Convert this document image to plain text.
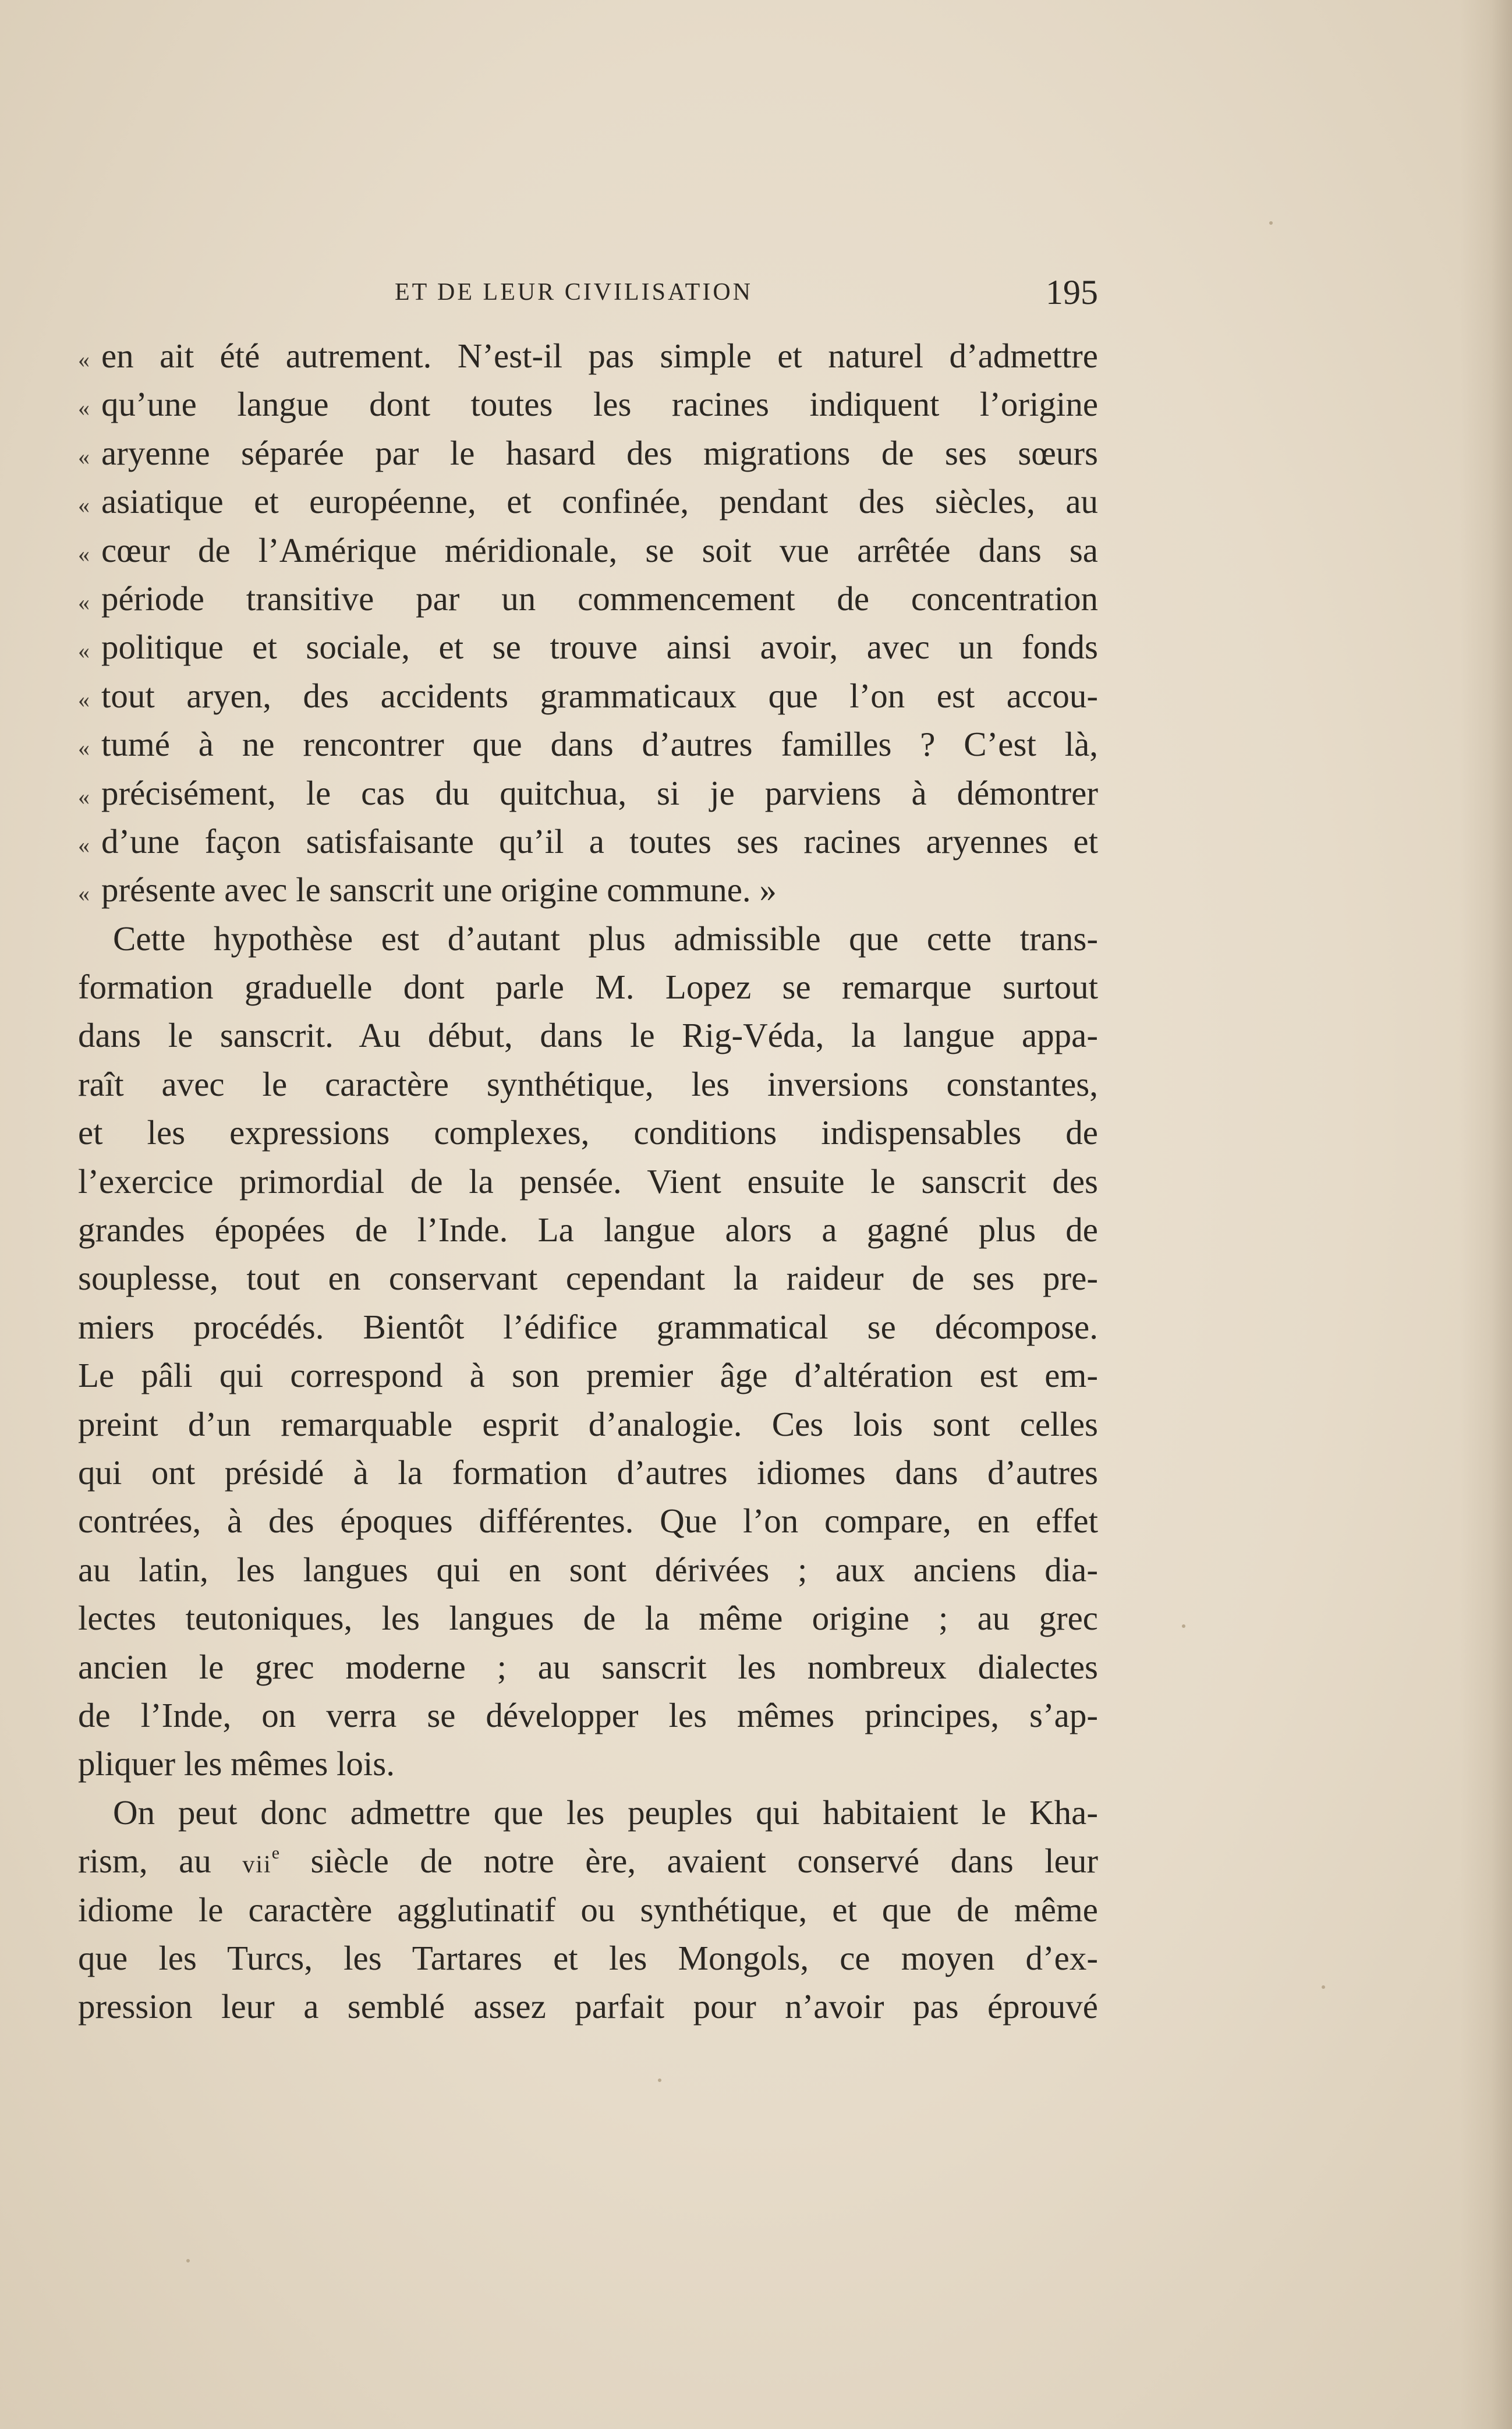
ET DE LEUR CIVILISATION	195
« en ait été autrement. N’est-il pas simple et naturel d’admettre
« qu’une langue dont toutes les racines indiquent l’origine
« aryenne séparée par le hasard des migrations de ses sœurs
« asiatique et européenne, et confinée, pendant des siècles, au
« cœur de l’Amérique méridionale, se soit vue arrêtée dans sa
« période transitive par un commencement de concentration
« politique et sociale, et se trouve ainsi avoir, avec un fonds
« tout aryen, des accidents grammaticaux que l’on est accou-
« tumé à ne rencontrer que dans d’autres familles ? C’est là,
« précisément, le cas du quitchua, si je parviens à démontrer
« d’une façon satisfaisante qu’il a toutes ses racines aryennes et
« présente avec le sanscrit une origine commune. »
Cette hypothèse est d’autant plus admissible que cette trans-
formation graduelle dont parle M. Lopez se remarque surtout
dans le sanscrit. Au début, dans le Rig-Véda, la langue appa-
raît avec le caractère synthétique, les inversions constantes,
et les expressions complexes, conditions indispensables de
l’exercice primordial de la pensée. Vient ensuite le sanscrit des
grandes épopées de l’Inde. La langue alors a gagné plus de
souplesse, tout en conservant cependant la raideur de ses pre-
miers procédés. Bientôt l’édifice grammatical se décompose.
Le pâli qui correspond à son premier âge d’altération est em-
preint d’un remarquable esprit d’analogie. Ces lois sont celles
qui ont présidé à la formation d’autres idiomes dans d’autres
contrées, à des époques différentes. Que l’on compare, en effet
au latin, les langues qui en sont dérivées ; aux anciens dia-
lectes teutoniques, les langues de la même origine ; au grec
ancien le grec moderne ; au sanscrit les nombreux dialectes
de l’Inde, on verra se développer les mêmes principes, s’ap-
pliquer les mêmes lois.
On peut donc admettre que les peuples qui habitaient le Kha-
rism, au vii$^e$ siècle de notre ère, avaient conservé dans leur
idiome le caractère agglutinatif ou synthétique, et que de même
que les Turcs, les Tartares et les Mongols, ce moyen d’ex-
pression leur a semblé assez parfait pour n’avoir pas éprouvé
